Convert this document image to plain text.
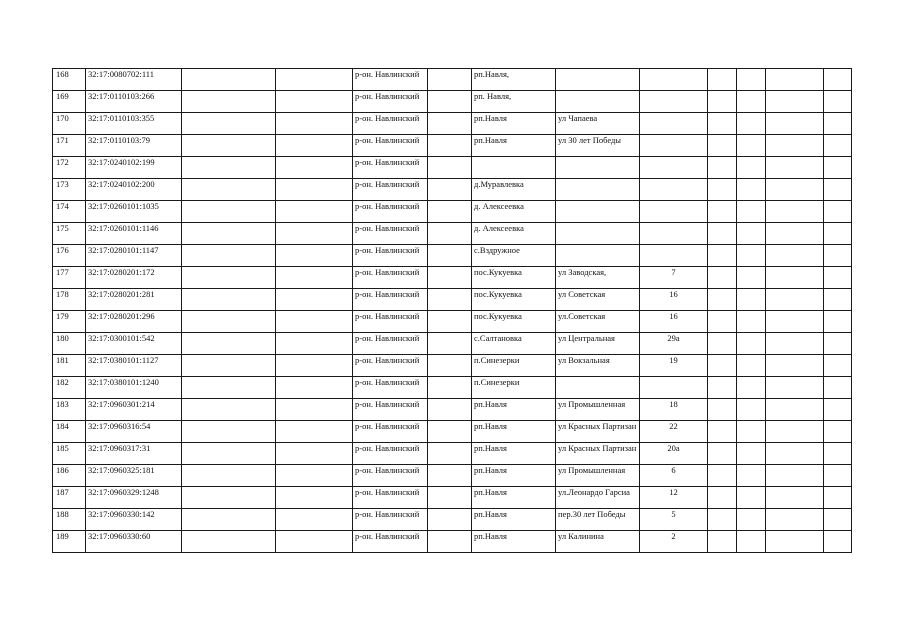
168	32:17:0080702:111			р-он. Навлинский		рп.Навля,						
169	32:17:0110103:266			р-он. Навлинский		рп. Навля,						
170	32:17:0110103:355			р-он. Навлинский		рп.Навля	ул Чапаева					
171	32:17:0110103:79			р-он. Навлинский		рп.Навля	ул 30 лет Победы					
172	32:17:0240102:199			р-он. Навлинский								
173	32:17:0240102:200			р-он. Навлинский		д.Муравлевка						
174	32:17:0260101:1035			р-он. Навлинский		д. Алексеевка						
175	32:17:0260101:1146			р-он. Навлинский		д. Алексеевка						
176	32:17:0280101:1147			р-он. Навлинский		с.Вздружное						
177	32:17:0280201:172			р-он. Навлинский		пос.Кукуевка	ул Заводская,	7				
178	32:17:0280201:281			р-он. Навлинский		пос.Кукуевка	ул Советская	16				
179	32:17:0280201:296			р-он. Навлинский		пос.Кукуевка	ул.Советская	16				
180	32:17:0300101:542			р-он. Навлинский		с.Салтановка	ул Центральная	29а				
181	32:17:0380101:1127			р-он. Навлинский		п.Синезерки	ул Вокзальная	19				
182	32:17:0380101:1240			р-он. Навлинский		п.Синезерки						
183	32:17:0960301:214			р-он. Навлинский		рп.Навля	ул Промышленная	18				
184	32:17:0960316:54			р-он. Навлинский		рп.Навля	ул Красных Партизан	22				
185	32:17:0960317:31			р-он. Навлинский		рп.Навля	ул Красных Партизан	20а				
186	32:17:0960325:181			р-он. Навлинский		рп.Навля	ул Промышленная	6				
187	32:17:0960329:1248			р-он. Навлинский		рп.Навля	ул.Леонардо Гарсиа	12				
188	32:17:0960330:142			р-он. Навлинский		рп.Навля	пер.30 лет Победы	5				
189	32:17:0960330:60			р-он. Навлинский		рп.Навля	ул Калинина	2				
